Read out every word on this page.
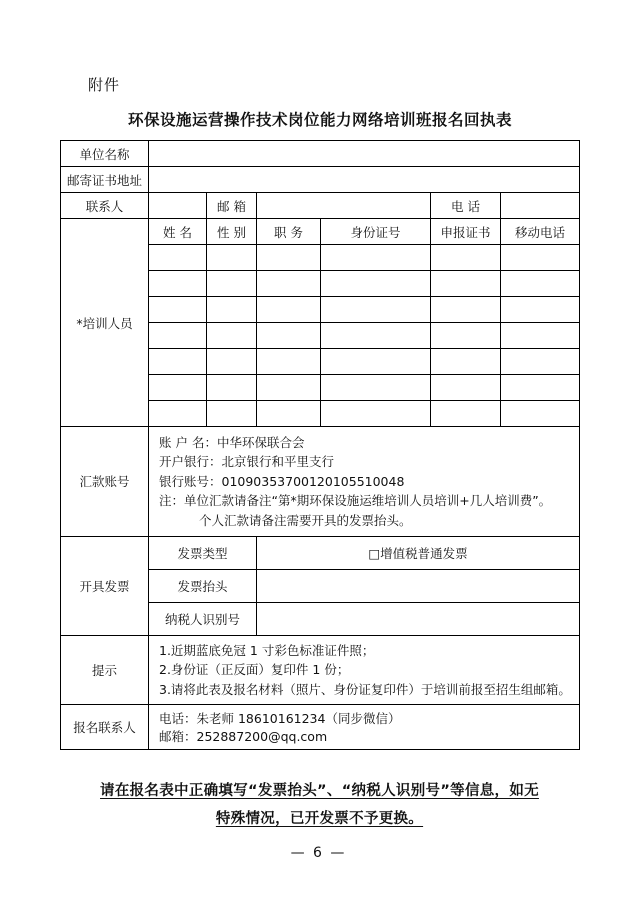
附件
环保设施运营操作技术岗位能力网络培训班报名回执表
单位名称						
邮寄证书地址						
联系人		邮 箱			电 话	
*培训人员	姓 名	性 别	职 务	身份证号	申报证书	移动电话

汇款账号	账 户 名：中华环保联合会
开户银行：北京银行和平里支行
银行账号：01090353700120105510048
注：单位汇款请备注“第*期环保设施运维培训人员培训+几人培训费”。
个人汇款请备注需要开具的发票抬头。					

开具发票	发票类型		□增值税普通发票			
	发票抬头					
	纳税人识别号					
提示	1.近期蓝底免冠 1 寸彩色标准证件照；
2.身份证（正反面）复印件 1 份；
3.请将此表及报名材料（照片、身份证复印件）于培训前报至招生组邮箱。					

报名联系人	电话：朱老师 18610161234（同步微信）  邮箱：252887200@qq.com					
请在报名表中正确填写“发票抬头”、“纳税人识别号”等信息，如无
特殊情况，已开发票不予更换。
— 6 —
